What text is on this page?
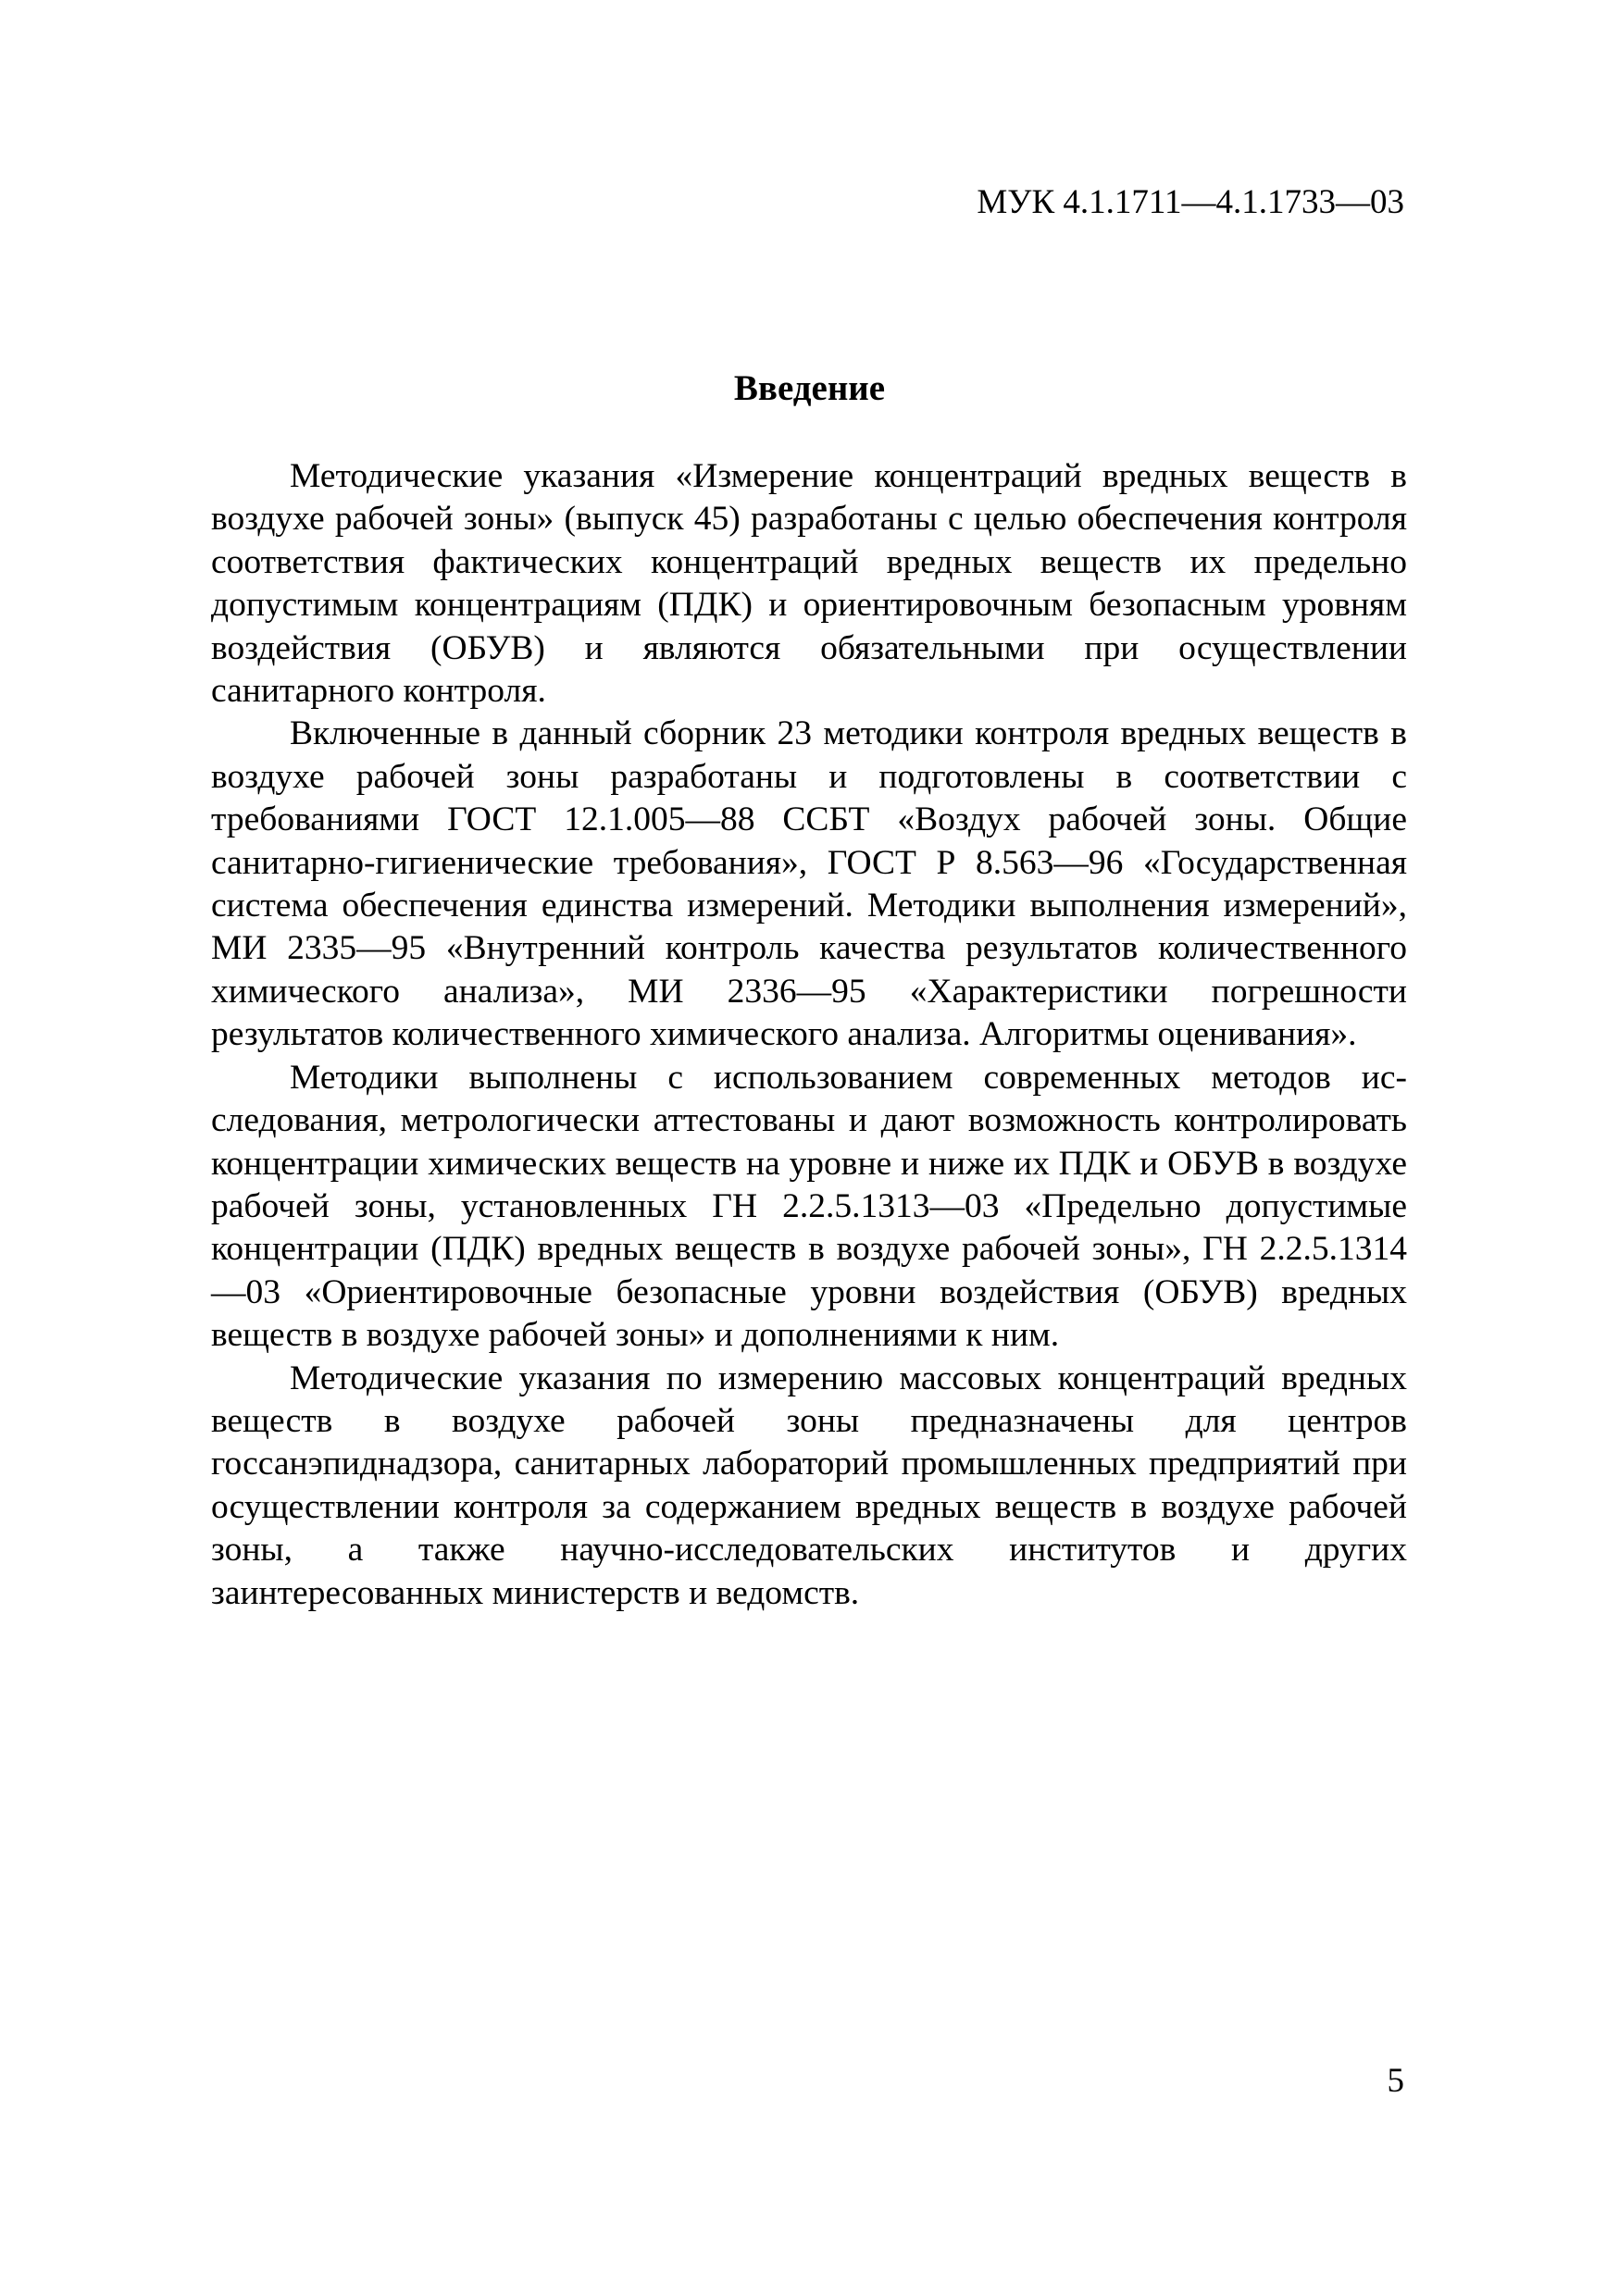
МУК 4.1.1711—4.1.1733—03
Введение

Методические указания «Измерение концентраций вредных веществ в воздухе рабочей зоны» (выпуск 45) разработаны с целью обеспечения контроля соответствия фактических концентраций вредных веществ их предельно допустимым концентрациям (ПДК) и ориентировочным безопасным уровням воздействия (ОБУВ) и являются обязательными при осуществлении санитарного контроля.

Включенные в данный сборник 23 методики контроля вредных веществ в воздухе рабочей зоны разработаны и подготовлены в соответствии с требованиями ГОСТ 12.1.005—88 ССБТ «Воздух рабочей зоны. Общие санитарно-гигиенические требования», ГОСТ Р 8.563—96 «Государственная система обеспечения единства измерений. Методики выполнения измерений», МИ 2335—95 «Внутренний контроль качества результатов количественного химического анализа», МИ 2336—95 «Характеристики погрешности результатов количественного химического анализа. Алгоритмы оценивания».

Методики выполнены с использованием современных методов исследования, метрологически аттестованы и дают возможность контролировать концентрации химических веществ на уровне и ниже их ПДК и ОБУВ в воздухе рабочей зоны, установленных ГН 2.2.5.1313—03 «Предельно допустимые концентрации (ПДК) вредных веществ в воздухе рабочей зоны», ГН 2.2.5.1314—03 «Ориентировочные безопасные уровни воздействия (ОБУВ) вредных веществ в воздухе рабочей зоны» и дополнениями к ним.

Методические указания по измерению массовых концентраций вредных веществ в воздухе рабочей зоны предназначены для центров госсанэпиднадзора, санитарных лабораторий промышленных предприятий при осуществлении контроля за содержанием вредных веществ в воздухе рабочей зоны, а также научно-исследовательских институтов и других заинтересованных министерств и ведомств.

5
